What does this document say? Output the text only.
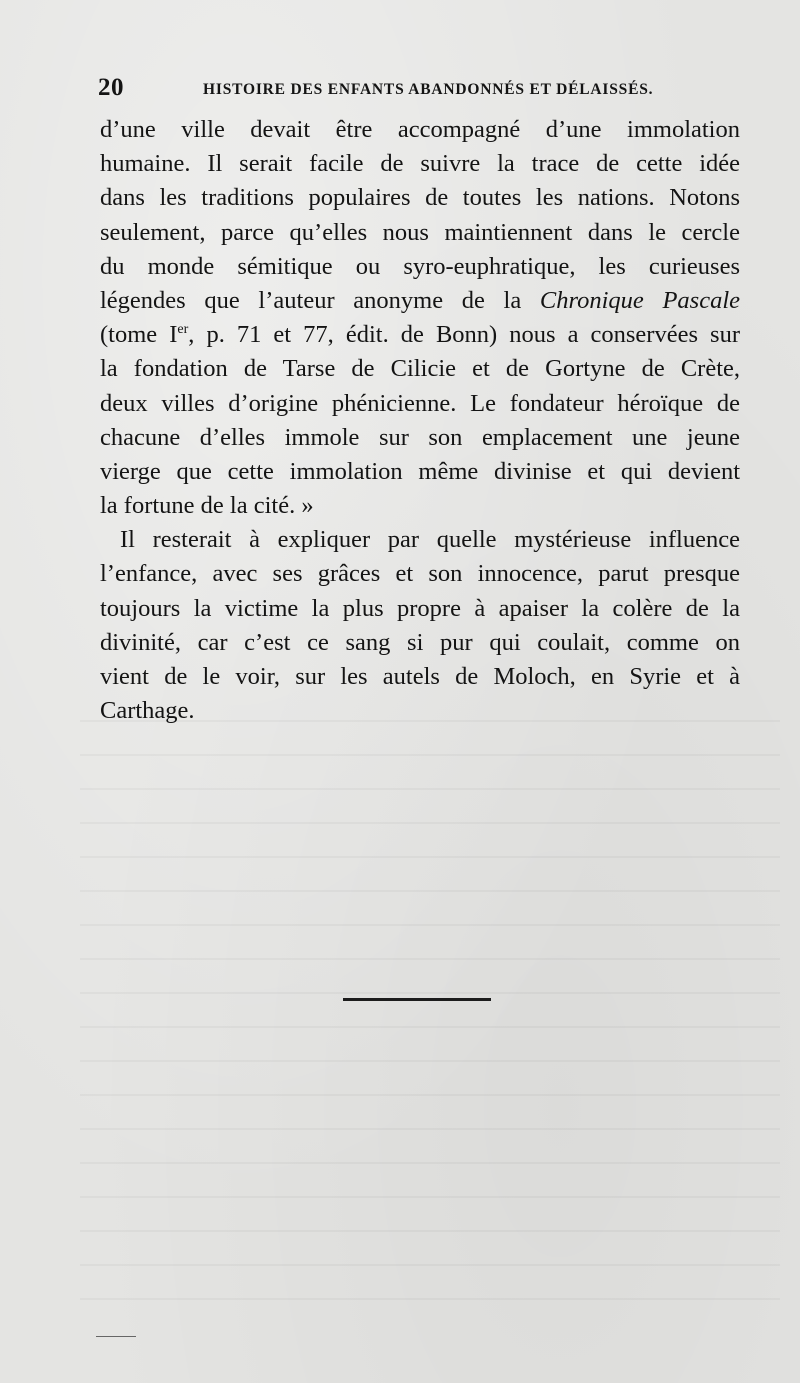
20	HISTOIRE DES ENFANTS ABANDONNÉS ET DÉLAISSÉS.
d’une ville devait être accompagné d’une immolation
humaine. Il serait facile de suivre la trace de cette idée
dans les traditions populaires de toutes les nations. Notons
seulement, parce qu’elles nous maintiennent dans le cercle
du monde sémitique ou syro-euphratique, les curieuses
légendes que l’auteur anonyme de la Chronique Pascale
(tome Ier, p. 71 et 77, édit. de Bonn) nous a conservées sur
la fondation de Tarse de Cilicie et de Gortyne de Crète,
deux villes d’origine phénicienne. Le fondateur héroïque de
chacune d’elles immole sur son emplacement une jeune
vierge que cette immolation même divinise et qui devient
la fortune de la cité. »
Il resterait à expliquer par quelle mystérieuse influence
l’enfance, avec ses grâces et son innocence, parut presque
toujours la victime la plus propre à apaiser la colère de la
divinité, car c’est ce sang si pur qui coulait, comme on
vient de le voir, sur les autels de Moloch, en Syrie et à
Carthage.
